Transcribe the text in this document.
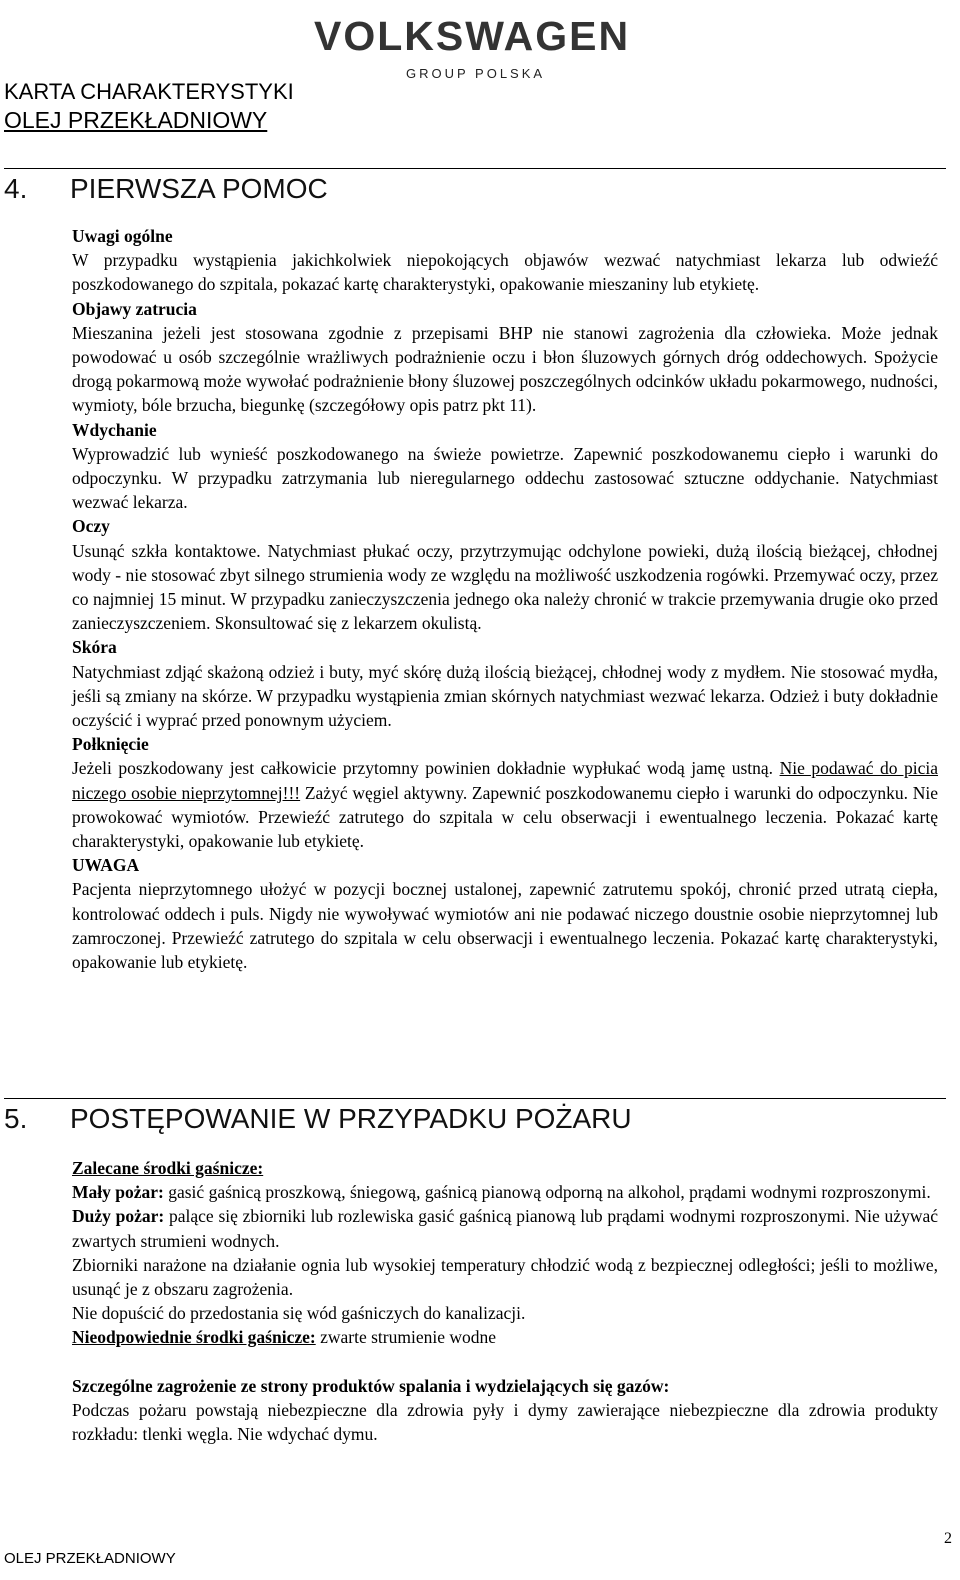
KARTA CHARAKTERYSTYKI
OLEJ PRZEKŁADNIOWY
VOLKSWAGEN
GROUP POLSKA
4. PIERWSZA POMOC

Uwagi ogólne

W przypadku wystąpienia jakichkolwiek niepokojących objawów wezwać natychmiast lekarza lub odwieźć poszkodowanego do szpitala, pokazać kartę charakterystyki, opakowanie mieszaniny lub etykietę.

Objawy zatrucia

Mieszanina jeżeli jest stosowana zgodnie z przepisami BHP nie stanowi zagrożenia dla człowieka. Może jednak powodować u osób szczególnie wrażliwych podrażnienie oczu i błon śluzowych górnych dróg oddechowych. Spożycie drogą pokarmową może wywołać podrażnienie błony śluzowej poszczególnych odcinków układu pokarmowego, nudności, wymioty, bóle brzucha, biegunkę (szczegółowy opis patrz pkt 11).

Wdychanie

Wyprowadzić lub wynieść poszkodowanego na świeże powietrze. Zapewnić poszkodowanemu ciepło i warunki do odpoczynku. W przypadku zatrzymania lub nieregularnego oddechu zastosować sztuczne oddychanie. Natychmiast wezwać lekarza.

Oczy

Usunąć szkła kontaktowe. Natychmiast płukać oczy, przytrzymując odchylone powieki, dużą ilością bieżącej, chłodnej wody - nie stosować zbyt silnego strumienia wody ze względu na możliwość uszkodzenia rogówki. Przemywać oczy, przez co najmniej 15 minut. W przypadku zanieczyszczenia jednego oka należy chronić w trakcie przemywania drugie oko przed zanieczyszczeniem. Skonsultować się z lekarzem okulistą.

Skóra

Natychmiast zdjąć skażoną odzież i buty, myć skórę dużą ilością bieżącej, chłodnej wody z mydłem. Nie stosować mydła, jeśli są zmiany na skórze. W przypadku wystąpienia zmian skórnych natychmiast wezwać lekarza. Odzież i buty dokładnie oczyścić i wyprać przed ponownym użyciem.

Połknięcie

Jeżeli poszkodowany jest całkowicie przytomny powinien dokładnie wypłukać wodą jamę ustną. Nie podawać do picia niczego osobie nieprzytomnej!!! Zażyć węgiel aktywny. Zapewnić poszkodowanemu ciepło i warunki do odpoczynku. Nie prowokować wymiotów. Przewieźć zatrutego do szpitala w celu obserwacji i ewentualnego leczenia. Pokazać kartę charakterystyki, opakowanie lub etykietę.

UWAGA

Pacjenta nieprzytomnego ułożyć w pozycji bocznej ustalonej, zapewnić zatrutemu spokój, chronić przed utratą ciepła, kontrolować oddech i puls. Nigdy nie wywoływać wymiotów ani nie podawać niczego doustnie osobie nieprzytomnej lub zamroczonej. Przewieźć zatrutego do szpitala w celu obserwacji i ewentualnego leczenia. Pokazać kartę charakterystyki, opakowanie lub etykietę.

5. POSTĘPOWANIE W PRZYPADKU POŻARU

Zalecane środki gaśnicze:

Mały pożar: gasić gaśnicą proszkową, śniegową, gaśnicą pianową odporną na alkohol, prądami wodnymi rozproszonymi.

Duży pożar: palące się zbiorniki lub rozlewiska gasić gaśnicą pianową lub prądami wodnymi rozproszonymi. Nie używać zwartych strumieni wodnych.

Zbiorniki narażone na działanie ognia lub wysokiej temperatury chłodzić wodą z bezpiecznej odległości; jeśli to możliwe, usunąć je z obszaru zagrożenia.

Nie dopuścić do przedostania się wód gaśniczych do kanalizacji.

Nieodpowiednie środki gaśnicze: zwarte strumienie wodne

Szczególne zagrożenie ze strony produktów spalania i wydzielających się gazów:

Podczas pożaru powstają niebezpieczne dla zdrowia pyły i dymy zawierające niebezpieczne dla zdrowia produkty rozkładu: tlenki węgla. Nie wdychać dymu.

OLEJ PRZEKŁADNIOWY
2
